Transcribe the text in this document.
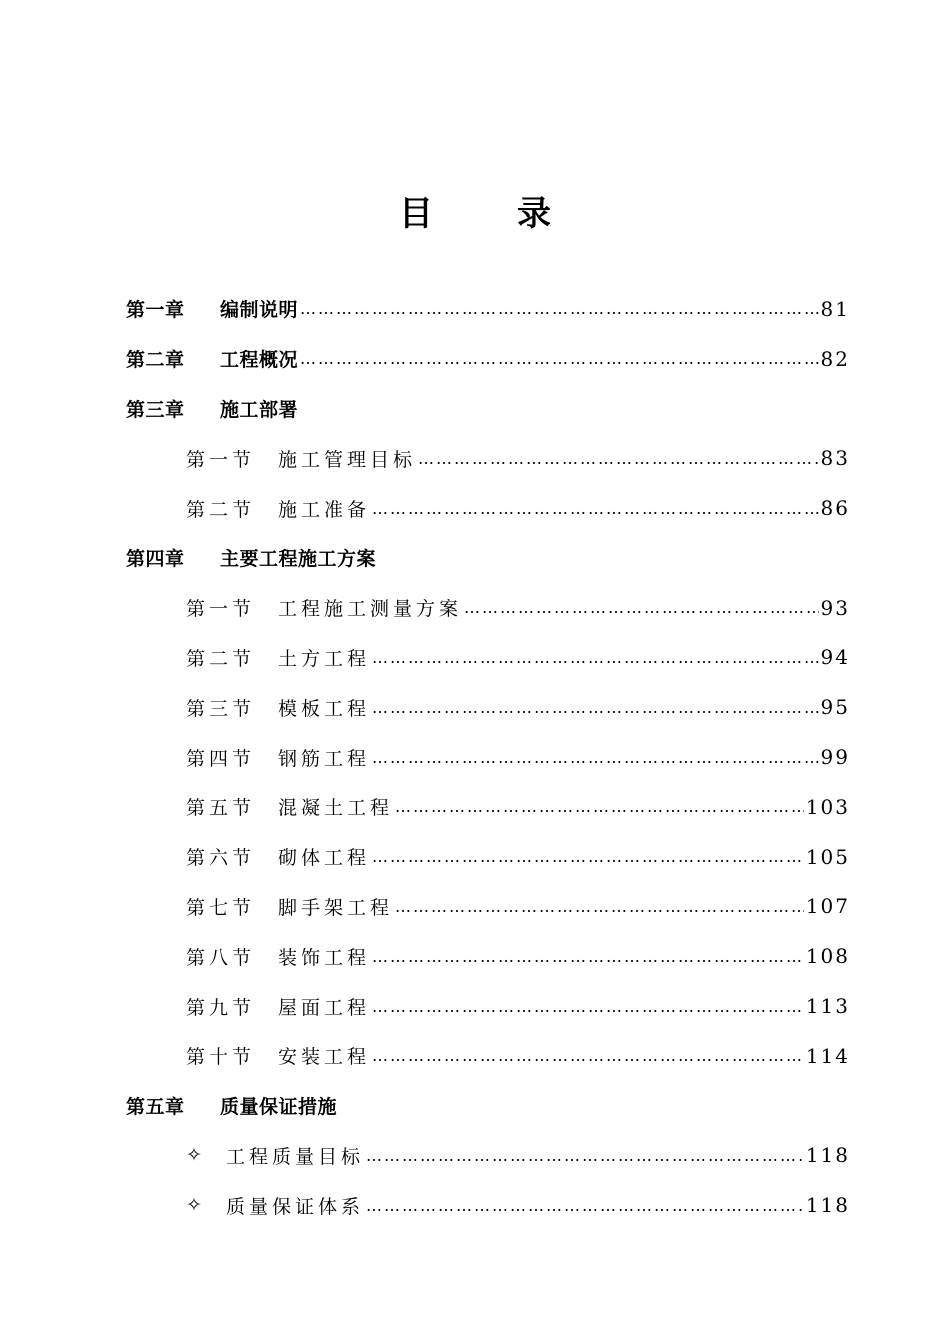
目 录
第一章	编制说明 ………………………………………………………………………………………………………………………	81
第二章	工程概况 ………………………………………………………………………………………………………………………	82
第三章	施工部署
第一节	施工管理目标 ………………………………………………………………………………………………………………………	83
第二节	施工准备 ………………………………………………………………………………………………………………………	86
第四章	主要工程施工方案
第一节	工程施工测量方案 ………………………………………………………………………………………………………………………	93
第二节	土方工程 ………………………………………………………………………………………………………………………	94
第三节	模板工程 ………………………………………………………………………………………………………………………	95
第四节	钢筋工程 ………………………………………………………………………………………………………………………	99
第五节	混凝土工程 ………………………………………………………………………………………………………………………	103
第六节	砌体工程 ………………………………………………………………………………………………………………………	105
第七节	脚手架工程 ………………………………………………………………………………………………………………………	107
第八节	装饰工程 ………………………………………………………………………………………………………………………	108
第九节	屋面工程 ………………………………………………………………………………………………………………………	113
第十节	安装工程 ………………………………………………………………………………………………………………………	114
第五章	质量保证措施
✧	工程质量目标 ………………………………………………………………………………………………………………………	118
✧	质量保证体系 ………………………………………………………………………………………………………………………	118
